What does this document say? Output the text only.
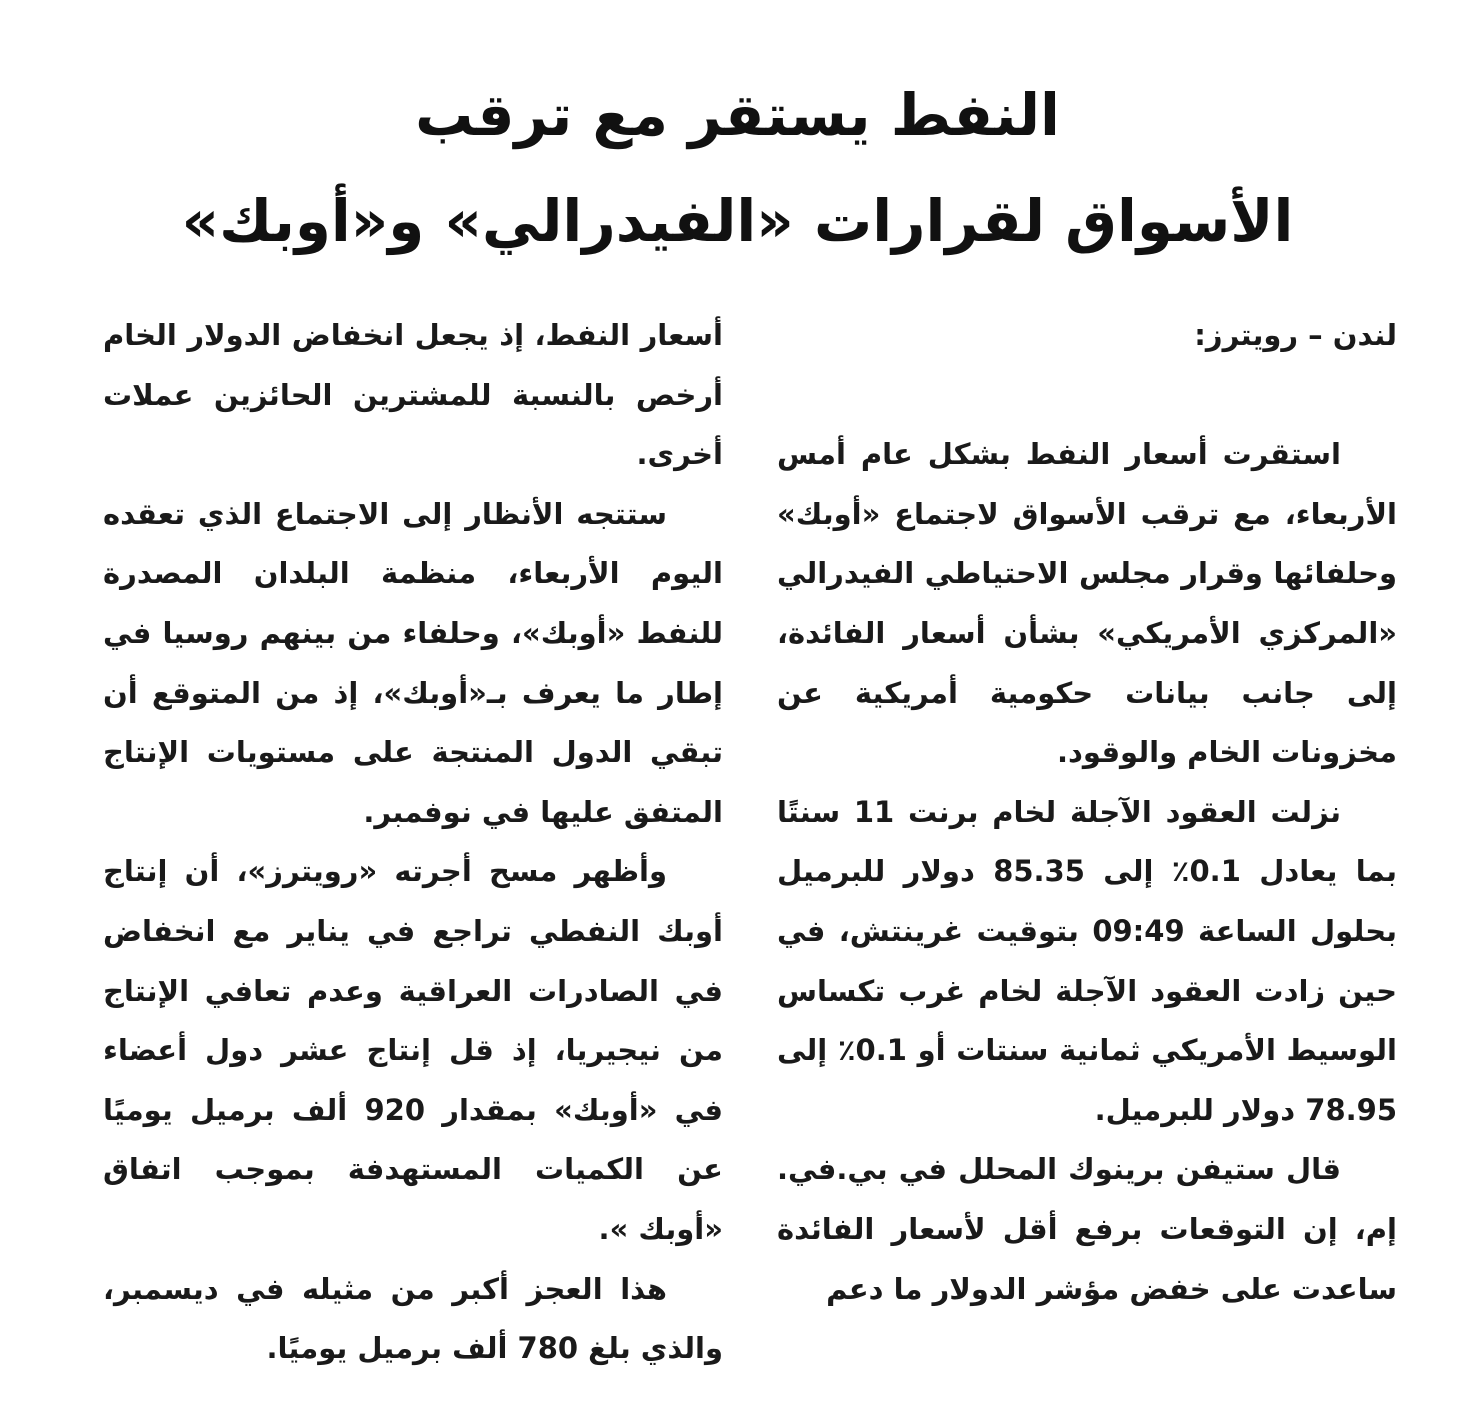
النفط يستقر مع ترقب
الأسواق لقرارات «الفيدرالي» و«أوبك»

لندن – رويترز:

استقرت أسعار النفط بشكل عام أمس الأربعاء، مع ترقب الأسواق لاجتماع «أوبك» وحلفائها وقرار مجلس الاحتياطي الفيدرالي «المركزي الأمريكي» بشأن أسعار الفائدة، إلى جانب بيانات حكومية أمريكية عن مخزونات الخام والوقود.

نزلت العقود الآجلة لخام برنت 11 سنتًا بما يعادل 0.1٪ إلى 85.35 دولار للبرميل بحلول الساعة 09:49 بتوقيت غرينتش، في حين زادت العقود الآجلة لخام غرب تكساس الوسيط الأمريكي ثمانية سنتات أو 0.1٪ إلى 78.95 دولار للبرميل.

قال ستيفن برينوك المحلل في بي.في. إم، إن التوقعات برفع أقل لأسعار الفائدة ساعدت على خفض مؤشر الدولار ما دعم

أسعار النفط، إذ يجعل انخفاض الدولار الخام أرخص بالنسبة للمشترين الحائزين عملات أخرى.

ستتجه الأنظار إلى الاجتماع الذي تعقده اليوم الأربعاء، منظمة البلدان المصدرة للنفط «أوبك»، وحلفاء من بينهم روسيا في إطار ما يعرف بـ«أوبك»، إذ من المتوقع أن تبقي الدول المنتجة على مستويات الإنتاج المتفق عليها في نوفمبر.

وأظهر مسح أجرته «رويترز»، أن إنتاج أوبك النفطي تراجع في يناير مع انخفاض في الصادرات العراقية وعدم تعافي الإنتاج من نيجيريا، إذ قل إنتاج عشر دول أعضاء في «أوبك» بمقدار 920 ألف برميل يوميًا عن الكميات المستهدفة بموجب اتفاق «أوبك ».

هذا العجز أكبر من مثيله في ديسمبر، والذي بلغ 780 ألف برميل يوميًا.
